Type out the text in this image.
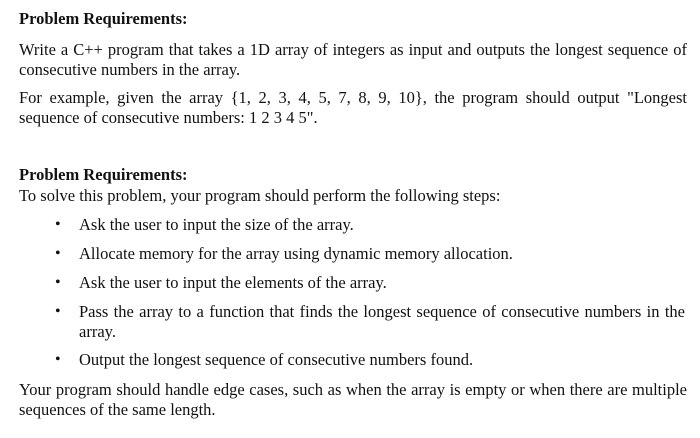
Problem Requirements:
Write a C++ program that takes a 1D array of integers as input and outputs the longest sequence of consecutive numbers in the array.
For example, given the array {1, 2, 3, 4, 5, 7, 8, 9, 10}, the program should output "Longest sequence of consecutive numbers: 1 2 3 4 5".
Problem Requirements:
To solve this problem, your program should perform the following steps:
• Ask the user to input the size of the array.
• Allocate memory for the array using dynamic memory allocation.
• Ask the user to input the elements of the array.
• Pass the array to a function that finds the longest sequence of consecutive numbers in the array.
• Output the longest sequence of consecutive numbers found.
Your program should handle edge cases, such as when the array is empty or when there are multiple sequences of the same length.
